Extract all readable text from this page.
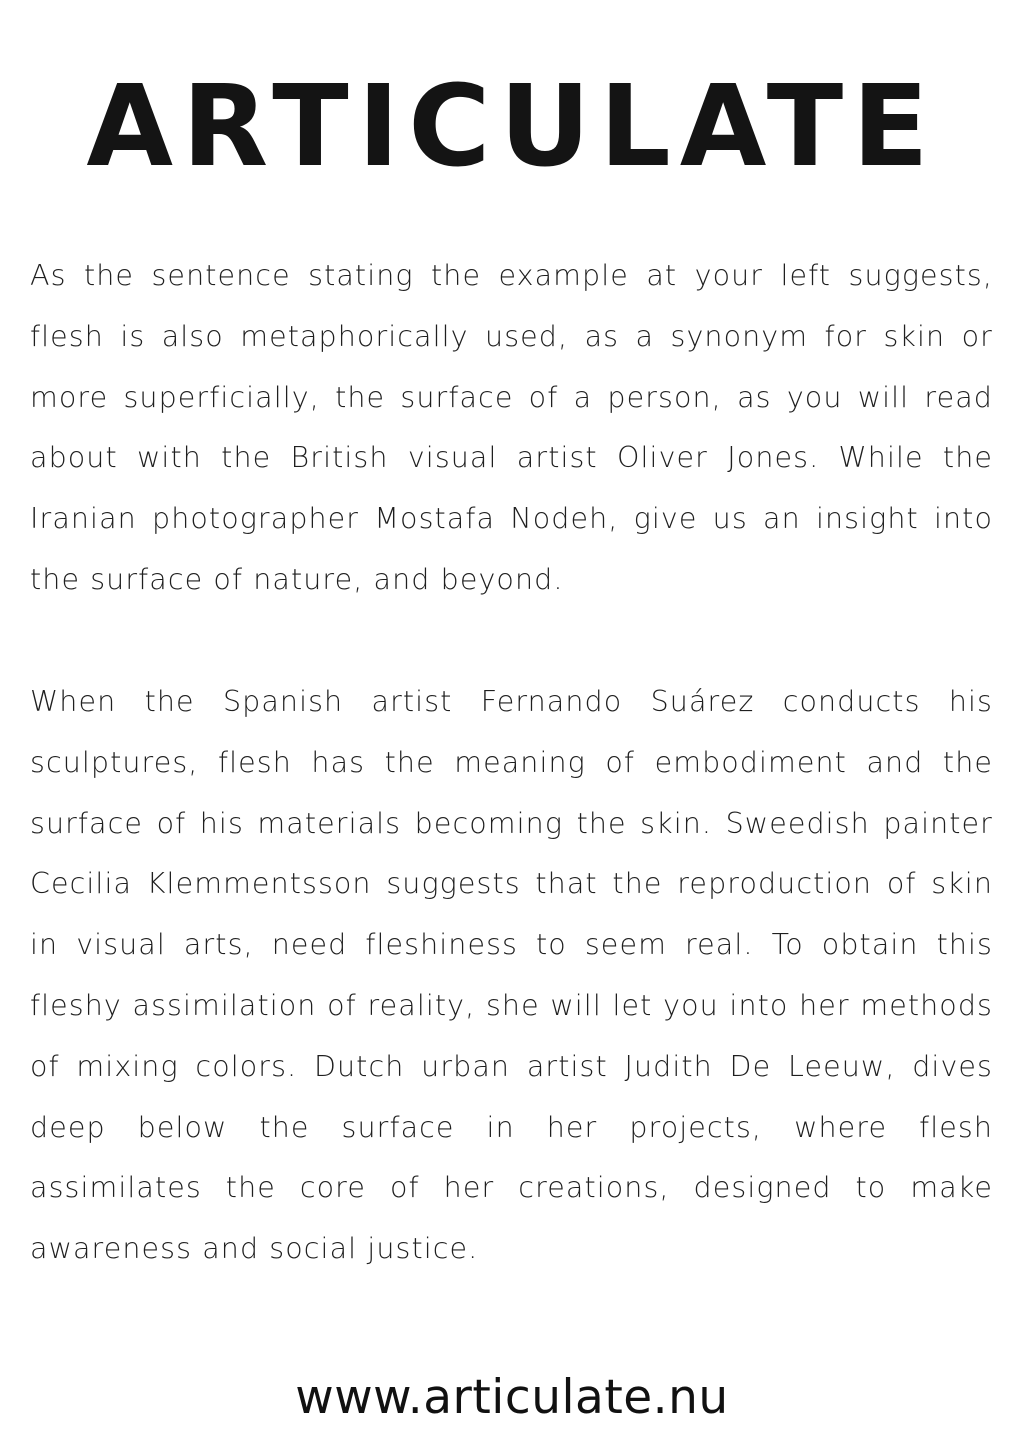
ARTICULATE

As the sentence stating the example at your left suggests, flesh is also metaphorically used, as a synonym for skin or more superficially, the surface of a person, as you will read about with the British visual artist Oliver Jones. While the Iranian photographer Mostafa Nodeh, give us an insight into the surface of nature, and beyond.

When the Spanish artist Fernando Suárez conducts his sculptures, flesh has the meaning of embodiment and the surface of his materials becoming the skin. Sweedish painter Cecilia Klemmentsson suggests that the reproduction of skin in visual arts, need fleshiness to seem real. To obtain this fleshy assimilation of reality, she will let you into her methods of mixing colors. Dutch urban artist Judith De Leeuw, dives deep below the surface in her projects, where flesh assimilates the core of her creations, designed to make awareness and social justice.

www.articulate.nu
